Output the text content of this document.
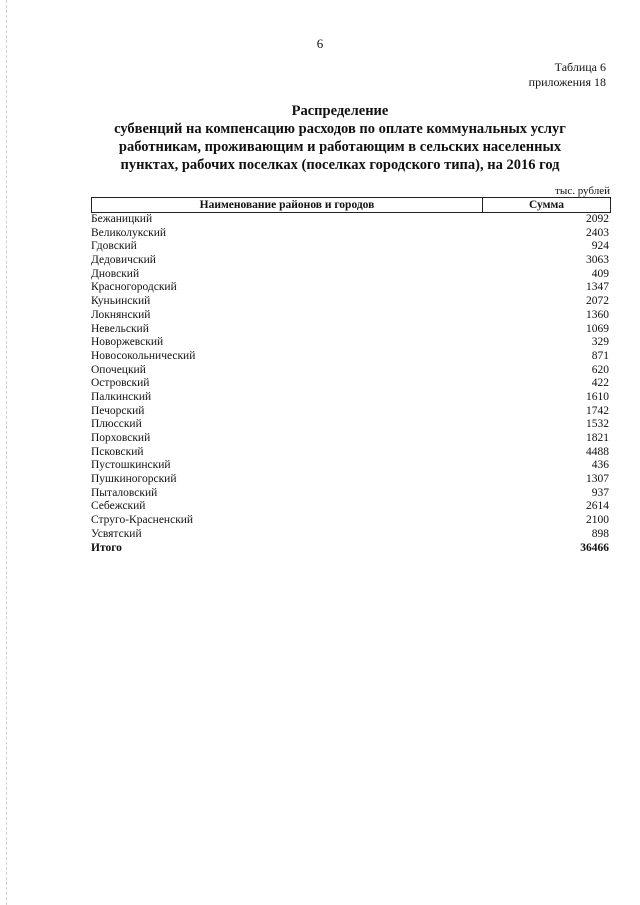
6
Таблица 6
приложения 18
Распределение
субвенций на компенсацию расходов по оплате коммунальных услуг
работникам, проживающим и работающим в сельских населенных
пунктах, рабочих поселках (поселках городского типа), на 2016 год
тыс. рублей
Наименование районов и городов	Сумма
Бежаницкий	2092
Великолукский	2403
Гдовский	924
Дедовичский	3063
Дновский	409
Красногородский	1347
Куньинский	2072
Локнянский	1360
Невельский	1069
Новоржевский	329
Новосокольнический	871
Опочецкий	620
Островский	422
Палкинский	1610
Печорский	1742
Плюсский	1532
Порховский	1821
Псковский	4488
Пустошкинский	436
Пушкиногорский	1307
Пыталовский	937
Себежский	2614
Струго-Красненский	2100
Усвятский	898
Итого	36466
